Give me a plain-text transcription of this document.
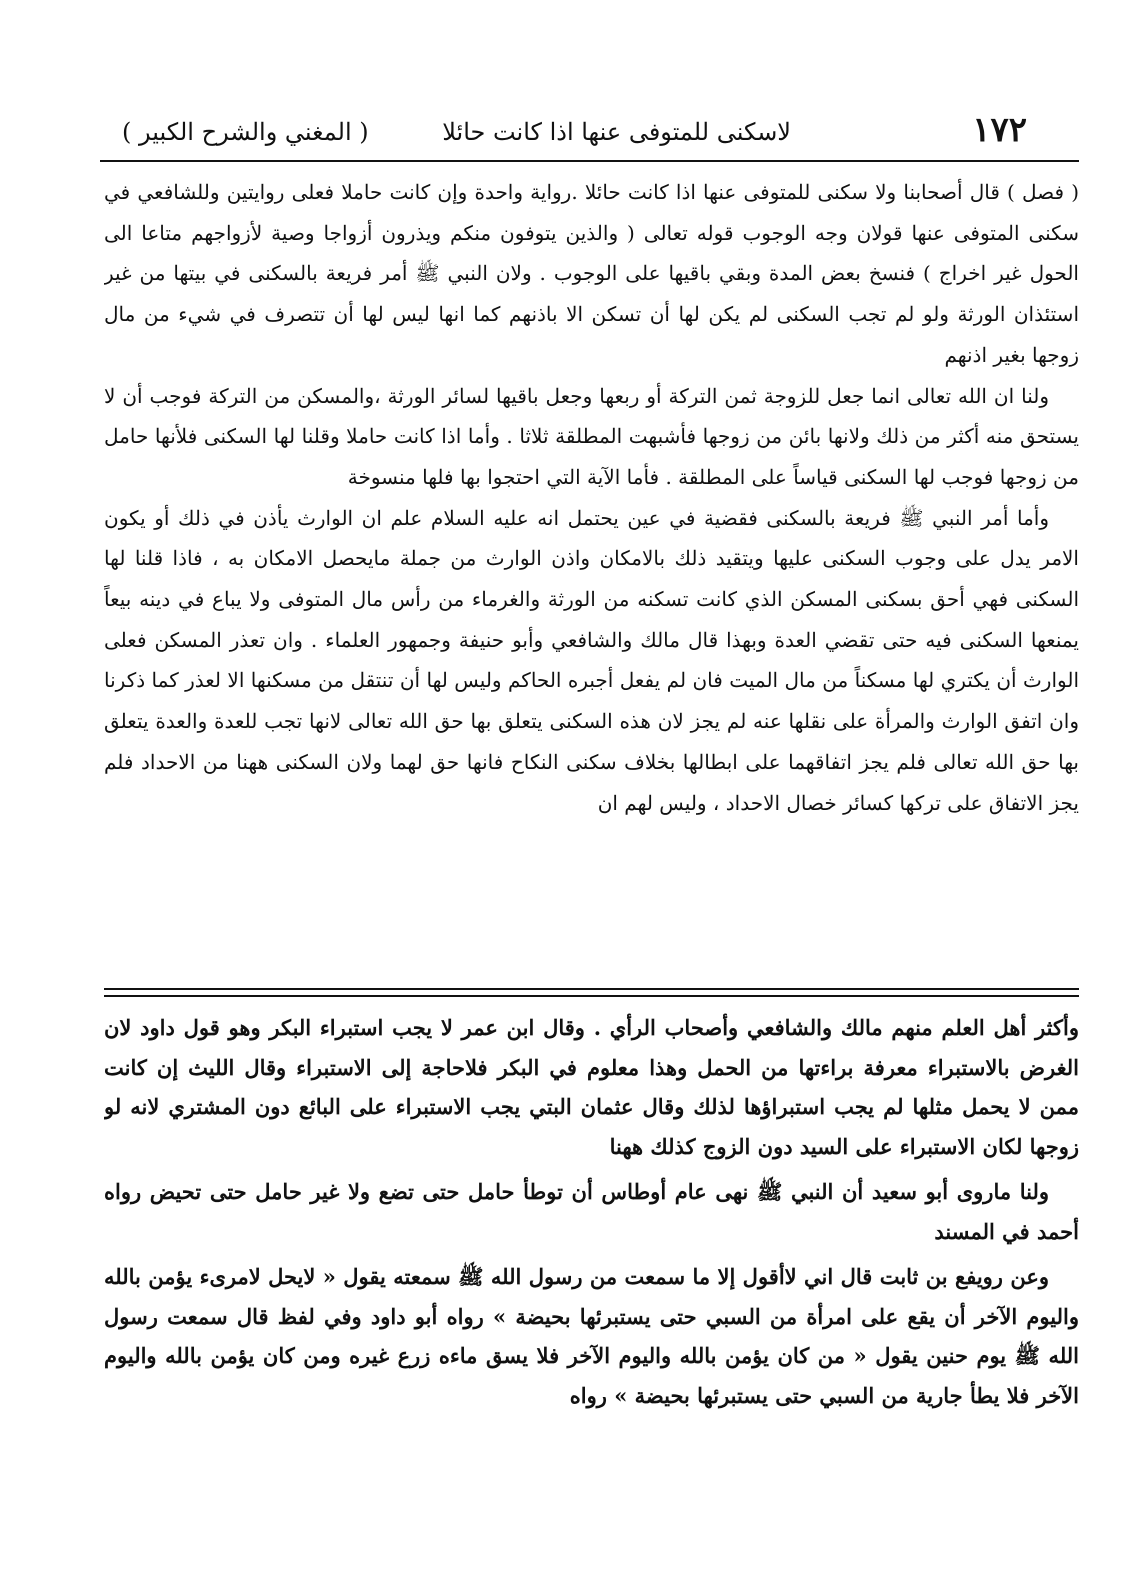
١٧٢
لاسكنى للمتوفى عنها اذا كانت حائلا
( المغني والشرح الكبير )

( فصل ) قال أصحابنا ولا سكنى للمتوفى عنها اذا كانت حائلا .رواية واحدة وإن كانت حاملا فعلى روايتين وللشافعي في سكنى المتوفى عنها قولان وجه الوجوب قوله تعالى ( والذين يتوفون منكم ويذرون أزواجا وصية لأزواجهم متاعا الى الحول غير اخراج ) فنسخ بعض المدة وبقي باقيها على الوجوب . ولان النبي ﷺ أمر فريعة بالسكنى في بيتها من غير استئذان الورثة ولو لم تجب السكنى لم يكن لها أن تسكن الا باذنهم كما انها ليس لها أن تتصرف في شيء من مال زوجها بغير اذنهم

ولنا ان الله تعالى انما جعل للزوجة ثمن التركة أو ربعها وجعل باقيها لسائر الورثة ،والمسكن من التركة فوجب أن لا يستحق منه أكثر من ذلك ولانها بائن من زوجها فأشبهت المطلقة ثلاثا . وأما اذا كانت حاملا وقلنا لها السكنى فلأنها حامل من زوجها فوجب لها السكنى قياساً على المطلقة . فأما الآية التي احتجوا بها فلها منسوخة

وأما أمر النبي ﷺ فريعة بالسكنى فقضية في عين يحتمل انه عليه السلام علم ان الوارث يأذن في ذلك أو يكون الامر يدل على وجوب السكنى عليها ويتقيد ذلك بالامكان واذن الوارث من جملة مايحصل الامكان به ، فاذا قلنا لها السكنى فهي أحق بسكنى المسكن الذي كانت تسكنه من الورثة والغرماء من رأس مال المتوفى ولا يباع في دينه بيعاً يمنعها السكنى فيه حتى تقضي العدة وبهذا قال مالك والشافعي وأبو حنيفة وجمهور العلماء . وان تعذر المسكن فعلى الوارث أن يكتري لها مسكناً من مال الميت فان لم يفعل أجبره الحاكم وليس لها أن تنتقل من مسكنها الا لعذر كما ذكرنا وان اتفق الوارث والمرأة على نقلها عنه لم يجز لان هذه السكنى يتعلق بها حق الله تعالى لانها تجب للعدة والعدة يتعلق بها حق الله تعالى فلم يجز اتفاقهما على ابطالها بخلاف سكنى النكاح فانها حق لهما ولان السكنى ههنا من الاحداد فلم يجز الاتفاق على تركها كسائر خصال الاحداد ، وليس لهم ان

وأكثر أهل العلم منهم مالك والشافعي وأصحاب الرأي . وقال ابن عمر لا يجب استبراء البكر وهو قول داود لان الغرض بالاستبراء معرفة براءتها من الحمل وهذا معلوم في البكر فلاحاجة إلى الاستبراء وقال الليث إن كانت ممن لا يحمل مثلها لم يجب استبراؤها لذلك وقال عثمان البتي يجب الاستبراء على البائع دون المشتري لانه لو زوجها لكان الاستبراء على السيد دون الزوج كذلك ههنا

ولنا ماروى أبو سعيد أن النبي ﷺ نهى عام أوطاس أن توطأ حامل حتى تضع ولا غير حامل حتى تحيض رواه أحمد في المسند

وعن رويفع بن ثابت قال اني لاأقول إلا ما سمعت من رسول الله ﷺ سمعته يقول « لايحل لامرىء يؤمن بالله واليوم الآخر أن يقع على امرأة من السبي حتى يستبرئها بحيضة » رواه أبو داود وفي لفظ قال سمعت رسول الله ﷺ يوم حنين يقول « من كان يؤمن بالله واليوم الآخر فلا يسق ماءه زرع غيره ومن كان يؤمن بالله واليوم الآخر فلا يطأ جارية من السبي حتى يستبرئها بحيضة » رواه
